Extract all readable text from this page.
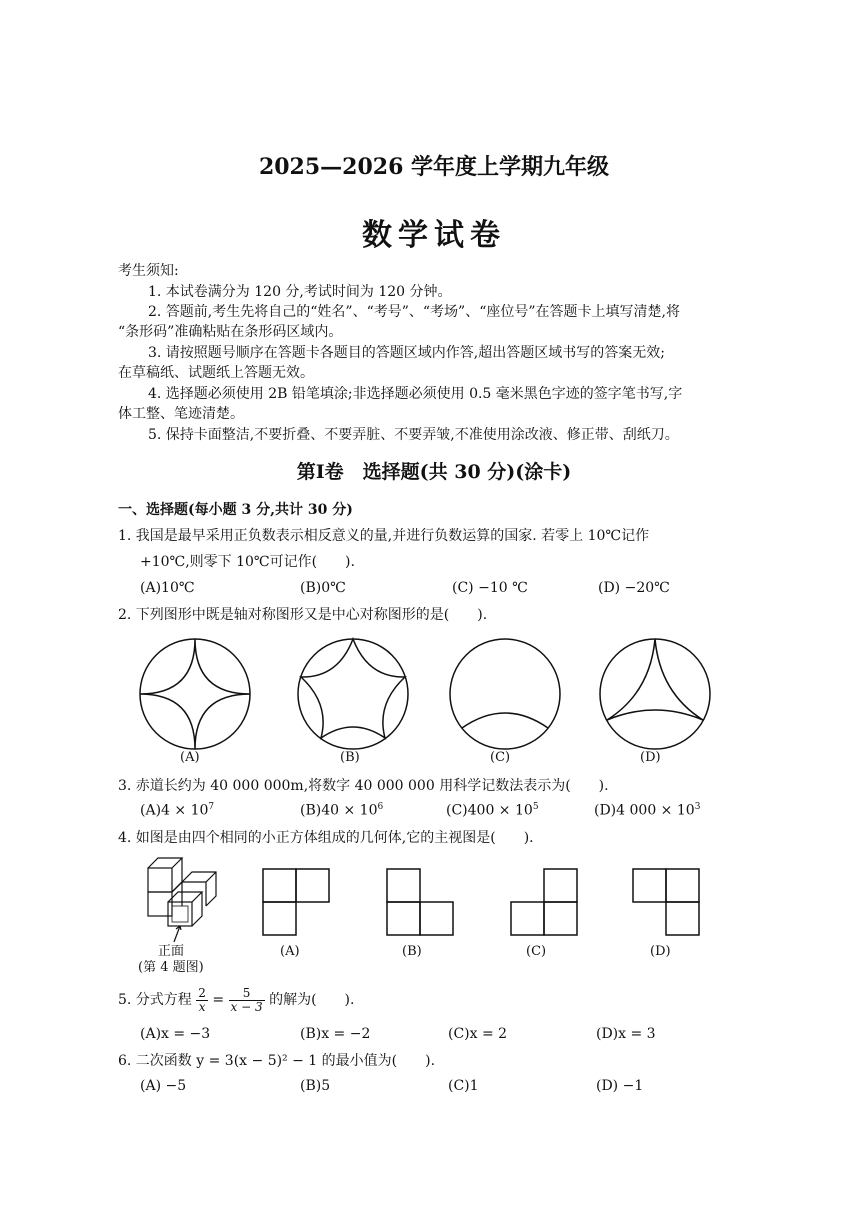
2025—2026 学年度上学期九年级
数学试卷
考生须知:
1. 本试卷满分为 120 分,考试时间为 120 分钟。
2. 答题前,考生先将自己的“姓名”、“考号”、“考场”、“座位号”在答题卡上填写清楚,将
“条形码”准确粘贴在条形码区域内。
3. 请按照题号顺序在答题卡各题目的答题区域内作答,超出答题区域书写的答案无效;
在草稿纸、试题纸上答题无效。
4. 选择题必须使用 2B 铅笔填涂;非选择题必须使用 0.5 毫米黑色字迹的签字笔书写,字
体工整、笔迹清楚。
5. 保持卡面整洁,不要折叠、不要弄脏、不要弄皱,不准使用涂改液、修正带、刮纸刀。
第Ⅰ卷　选择题(共 30 分)(涂卡)
一、选择题(每小题 3 分,共计 30 分)
1. 我国是最早采用正负数表示相反意义的量,并进行负数运算的国家. 若零上 10℃记作
+10℃,则零下 10℃可记作(　　).
(A)10℃	(B)0℃	(C) −10 ℃	(D) −20℃
2. 下列图形中既是轴对称图形又是中心对称图形的是(　　).
(A)	(B)	(C)	(D)
3. 赤道长约为 40 000 000m,将数字 40 000 000 用科学记数法表示为(　　).
$(A)4 \times 10^7$	$(B)40 \times 10^6$	$(C)400 \times 10^5$	(D)4 $000 \times 10^3$
4. 如图是由四个相同的小正方体组成的几何体,它的主视图是(　　).
正面
(第 4 题图)
(A)	(B)	(C)	(D)
5. 分式方程 $\frac{2}{x} = \frac{5}{x - 3}$ 的解为(　　).
(A)x = −3	(B)x = −2	(C)x = 2	(D)x = 3
6. 二次函数 y = 3(x − 5)² − 1 的最小值为(　　).
(A) −5	(B)5	(C)1	(D) −1
